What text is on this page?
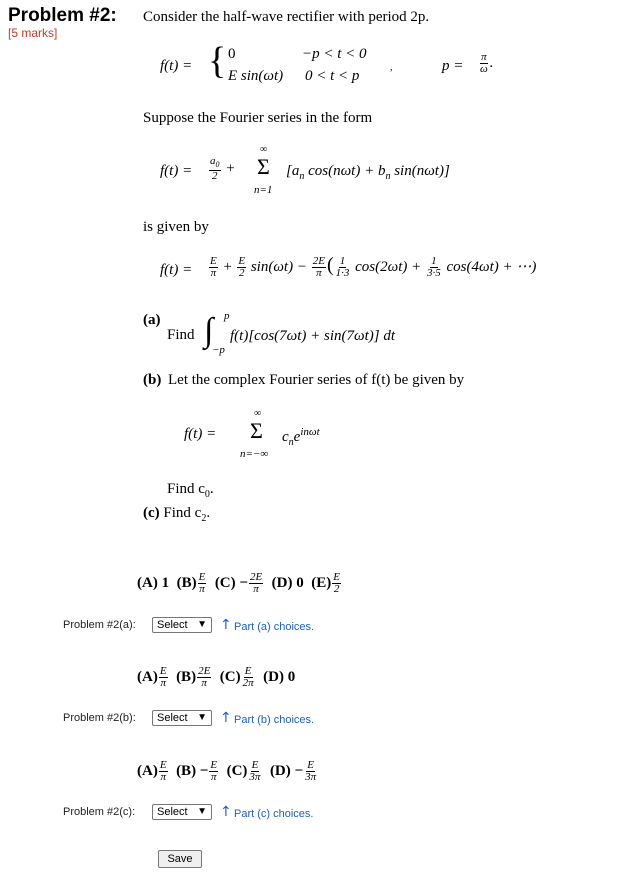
Problem #2:
[5 marks]
Consider the half-wave rectifier with period 2p.
f(t) = { 0	−p < t < 0
E sin(ωt) 0 < t < p
,	$p = \frac{\pi}{\omega}$ .
Suppose the Fourier series in the form
$f(t) = \frac{a_0}{2}$ +
∞
Σ
n=1
[$a_n$ $\cos(n\omega t) + b_n$ sin(nωt)]
is given by
$f(t) = \frac{E}{\pi} + \frac{E}{2} \sin(\omega t) - \frac{2E}{\pi}$ ( $\frac{1}{1\cdot 3} \cos(2\omega t) + \frac{1}{3\cdot 5} \cos(4\omega t)$ + ⋯)
(a)
Find ∫ p
−p
f(t)[cos(7ωt) + sin(7ωt)] dt
(b) Let the complex Fourier series of f(t) be given by
f(t) =
∞
Σ
n=−∞
$c_ne^{in\omega t}$
Find $c_0$.
(c) Find $c_2$.
(A) 1 $(B) \frac{E}{\pi} (C) - \frac{2E}{\pi} (D)$ 0 $(E) \frac{E}{2}$
Problem #2(a):	Select ▼ ↑ Part (a) choices.
$(A) \frac{E}{\pi} (B) \frac{2E}{\pi} (C) \frac{E}{2\pi} (D)$ 0
Problem #2(b):	Select ▼ ↑ Part (b) choices.
$(A) \frac{E}{\pi} (B) - \frac{E}{\pi} (C) \frac{E}{3\pi} (D) - \frac{E}{3\pi}$
Problem #2(c):	Select ▼ ↑ Part (c) choices.
Save
